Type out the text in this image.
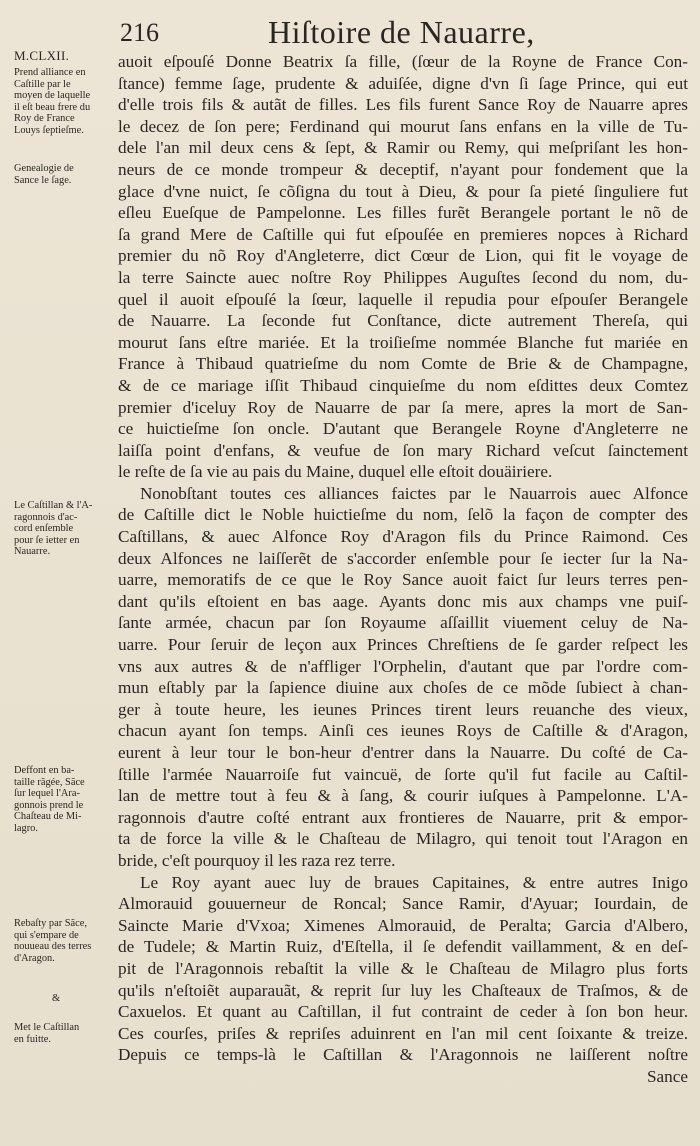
216	Hiſtoire de Nauarre,
M.CLXII.
Prend alliance en
Caſtille par le
moyen de laquelle
il eſt beau frere du
Roy de France
Louys ſeptieſme.
Genealogie de
Sance le ſage.
Le Caſtillan & l'A-
ragonnois d'ac-
cord enſemble
pour ſe ietter en
Nauarre.
Deffont en ba-
taille rãgée, Sãce
ſur lequel l'Ara-
gonnois prend le
Chaſteau de Mi-
lagro.
Rebaſty par Sãce,
qui s'empare de
nouueau des terres
d'Aragon.
&
Met le Caſtillan
en fuitte.
auoit eſpouſé Donne Beatrix ſa fille, (ſœur de la Royne de France Con-
ſtance) femme ſage, prudente & aduiſée, digne d'vn ſi ſage Prince, qui eut
d'elle trois fils & autãt de filles. Les fils furent Sance Roy de Nauarre apres
le decez de ſon pere; Ferdinand qui mourut ſans enfans en la ville de Tu-
dele l'an mil deux cens & ſept, & Ramir ou Remy, qui meſpriſant les hon-
neurs de ce monde trompeur & deceptif, n'ayant pour fondement que la
glace d'vne nuict, ſe cõſigna du tout à Dieu, & pour ſa pieté ſinguliere fut
eſleu Eueſque de Pampelonne. Les filles furẽt Berangele portant le nõ de
ſa grand Mere de Caſtille qui fut eſpouſée en premieres nopces à Richard
premier du nõ Roy d'Angleterre, dict Cœur de Lion, qui fit le voyage de
la terre Saincte auec noſtre Roy Philippes Auguſtes ſecond du nom, du-
quel il auoit eſpouſé la ſœur, laquelle il repudia pour eſpouſer Berangele
de Nauarre. La ſeconde fut Conſtance, dicte autrement Thereſa, qui
mourut ſans eſtre mariée. Et la troiſieſme nommée Blanche fut mariée en
France à Thibaud quatrieſme du nom Comte de Brie & de Champagne,
& de ce mariage iſſit Thibaud cinquieſme du nom eſdittes deux Comtez
premier d'iceluy Roy de Nauarre de par ſa mere, apres la mort de San-
ce huictieſme ſon oncle. D'autant que Berangele Royne d'Angleterre ne
laiſſa point d'enfans, & veufue de ſon mary Richard veſcut ſainctement
le reſte de ſa vie au pais du Maine, duquel elle eſtoit douäiriere.
Nonobſtant toutes ces alliances faictes par le Nauarrois auec Alfonce
de Caſtille dict le Noble huictieſme du nom, ſelõ la façon de compter des
Caſtillans, & auec Alfonce Roy d'Aragon fils du Prince Raimond. Ces
deux Alfonces ne laiſſerẽt de s'accorder enſemble pour ſe iecter ſur la Na-
uarre, memoratifs de ce que le Roy Sance auoit faict ſur leurs terres pen-
dant qu'ils eſtoient en bas aage. Ayants donc mis aux champs vne puiſ-
ſante armée, chacun par ſon Royaume aſſaillit viuement celuy de Na-
uarre. Pour ſeruir de leçon aux Princes Chreſtiens de ſe garder reſpect les
vns aux autres & de n'affliger l'Orphelin, d'autant que par l'ordre com-
mun eſtably par la ſapience diuine aux choſes de ce mõde ſubiect à chan-
ger à toute heure, les ieunes Princes tirent leurs reuanche des vieux,
chacun ayant ſon temps. Ainſi ces ieunes Roys de Caſtille & d'Aragon,
eurent à leur tour le bon-heur d'entrer dans la Nauarre. Du coſté de Ca-
ſtille l'armée Nauarroiſe fut vaincuë, de ſorte qu'il fut facile au Caſtil-
lan de mettre tout à feu & à ſang, & courir iuſques à Pampelonne. L'A-
ragonnois d'autre coſté entrant aux frontieres de Nauarre, prit & empor-
ta de force la ville & le Chaſteau de Milagro, qui tenoit tout l'Aragon en
bride, c'eſt pourquoy il les raza rez terre.
Le Roy ayant auec luy de braues Capitaines, & entre autres Inigo
Almorauid gouuerneur de Roncal; Sance Ramir, d'Ayuar; Iourdain, de
Saincte Marie d'Vxoa; Ximenes Almorauid, de Peralta; Garcia d'Albero,
de Tudele; & Martin Ruiz, d'Eſtella, il ſe defendit vaillamment, & en deſ-
pit de l'Aragonnois rebaſtit la ville & le Chaſteau de Milagro plus forts
qu'ils n'eſtoiẽt auparauãt, & reprit ſur luy les Chaſteaux de Traſmos, & de
Caxuelos. Et quant au Caſtillan, il fut contraint de ceder à ſon bon heur.
Ces courſes, priſes & repriſes aduinrent en l'an mil cent ſoixante & treize.
Depuis ce temps-là le Caſtillan & l'Aragonnois ne laiſſerent noſtre
Sance
